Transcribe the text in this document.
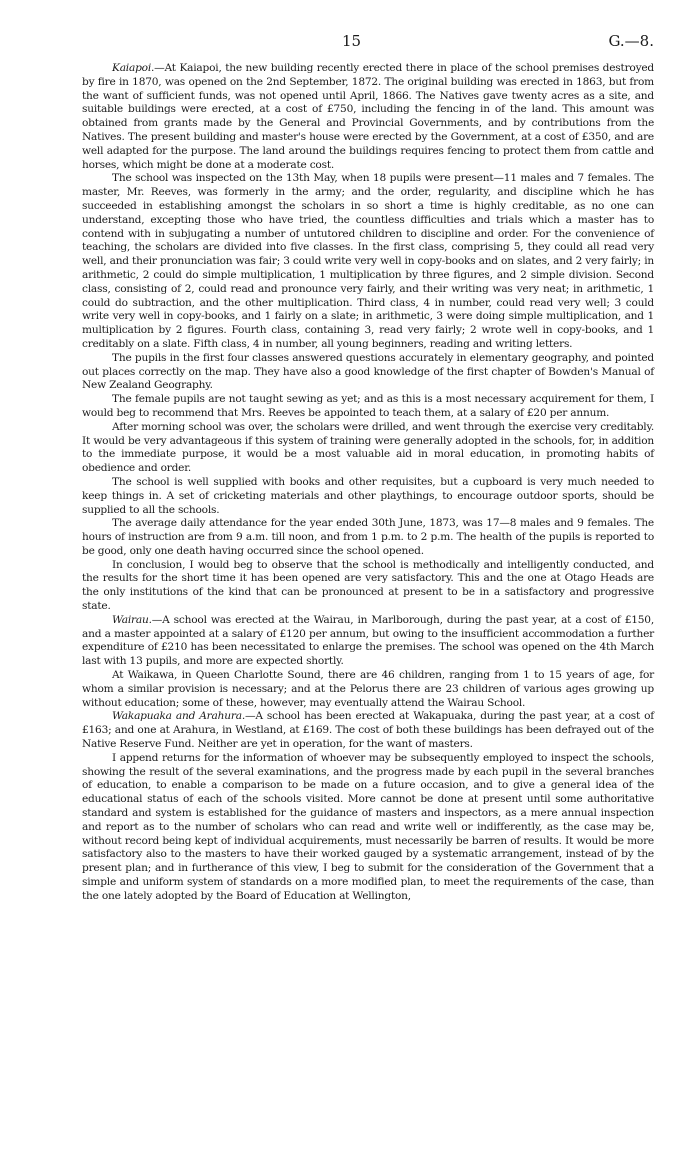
15	G.—8.

Kaiapoi.—At Kaiapoi, the new building recently erected there in place of the school premises destroyed by fire in 1870, was opened on the 2nd September, 1872. The original building was erected in 1863, but from the want of sufficient funds, was not opened until April, 1866. The Natives gave twenty acres as a site, and suitable buildings were erected, at a cost of £750, including the fencing in of the land. This amount was obtained from grants made by the General and Provincial Governments, and by contributions from the Natives. The present building and master's house were erected by the Government, at a cost of £350, and are well adapted for the purpose. The land around the buildings requires fencing to protect them from cattle and horses, which might be done at a moderate cost.

The school was inspected on the 13th May, when 18 pupils were present—11 males and 7 females. The master, Mr. Reeves, was formerly in the army; and the order, regularity, and discipline which he has succeeded in establishing amongst the scholars in so short a time is highly creditable, as no one can understand, excepting those who have tried, the countless difficulties and trials which a master has to contend with in subjugating a number of untutored children to discipline and order. For the convenience of teaching, the scholars are divided into five classes. In the first class, comprising 5, they could all read very well, and their pronunciation was fair; 3 could write very well in copy-books and on slates, and 2 very fairly; in arithmetic, 2 could do simple multiplication, 1 multiplication by three figures, and 2 simple division. Second class, consisting of 2, could read and pronounce very fairly, and their writing was very neat; in arithmetic, 1 could do subtraction, and the other multiplication. Third class, 4 in number, could read very well; 3 could write very well in copy-books, and 1 fairly on a slate; in arithmetic, 3 were doing simple multiplication, and 1 multiplication by 2 figures. Fourth class, containing 3, read very fairly; 2 wrote well in copy-books, and 1 creditably on a slate. Fifth class, 4 in number, all young beginners, reading and writing letters.

The pupils in the first four classes answered questions accurately in elementary geography, and pointed out places correctly on the map. They have also a good knowledge of the first chapter of Bowden's Manual of New Zealand Geography.

The female pupils are not taught sewing as yet; and as this is a most necessary acquirement for them, I would beg to recommend that Mrs. Reeves be appointed to teach them, at a salary of £20 per annum.

After morning school was over, the scholars were drilled, and went through the exercise very creditably. It would be very advantageous if this system of training were generally adopted in the schools, for, in addition to the immediate purpose, it would be a most valuable aid in moral education, in promoting habits of obedience and order.

The school is well supplied with books and other requisites, but a cupboard is very much needed to keep things in. A set of cricketing materials and other playthings, to encourage outdoor sports, should be supplied to all the schools.

The average daily attendance for the year ended 30th June, 1873, was 17—8 males and 9 females. The hours of instruction are from 9 a.m. till noon, and from 1 p.m. to 2 p.m. The health of the pupils is reported to be good, only one death having occurred since the school opened.

In conclusion, I would beg to observe that the school is methodically and intelligently conducted, and the results for the short time it has been opened are very satisfactory. This and the one at Otago Heads are the only institutions of the kind that can be pronounced at present to be in a satisfactory and progressive state.

Wairau.—A school was erected at the Wairau, in Marlborough, during the past year, at a cost of £150, and a master appointed at a salary of £120 per annum, but owing to the insufficient accommodation a further expenditure of £210 has been necessitated to enlarge the premises. The school was opened on the 4th March last with 13 pupils, and more are expected shortly.

At Waikawa, in Queen Charlotte Sound, there are 46 children, ranging from 1 to 15 years of age, for whom a similar provision is necessary; and at the Pelorus there are 23 children of various ages growing up without education; some of these, however, may eventually attend the Wairau School.

Wakapuaka and Arahura.—A school has been erected at Wakapuaka, during the past year, at a cost of £163; and one at Arahura, in Westland, at £169. The cost of both these buildings has been defrayed out of the Native Reserve Fund. Neither are yet in operation, for the want of masters.

I append returns for the information of whoever may be subsequently employed to inspect the schools, showing the result of the several examinations, and the progress made by each pupil in the several branches of education, to enable a comparison to be made on a future occasion, and to give a general idea of the educational status of each of the schools visited. More cannot be done at present until some authoritative standard and system is established for the guidance of masters and inspectors, as a mere annual inspection and report as to the number of scholars who can read and write well or indifferently, as the case may be, without record being kept of individual acquirements, must necessarily be barren of results. It would be more satisfactory also to the masters to have their worked gauged by a systematic arrangement, instead of by the present plan; and in furtherance of this view, I beg to submit for the consideration of the Government that a simple and uniform system of standards on a more modified plan, to meet the requirements of the case, than the one lately adopted by the Board of Education at Wellington,
